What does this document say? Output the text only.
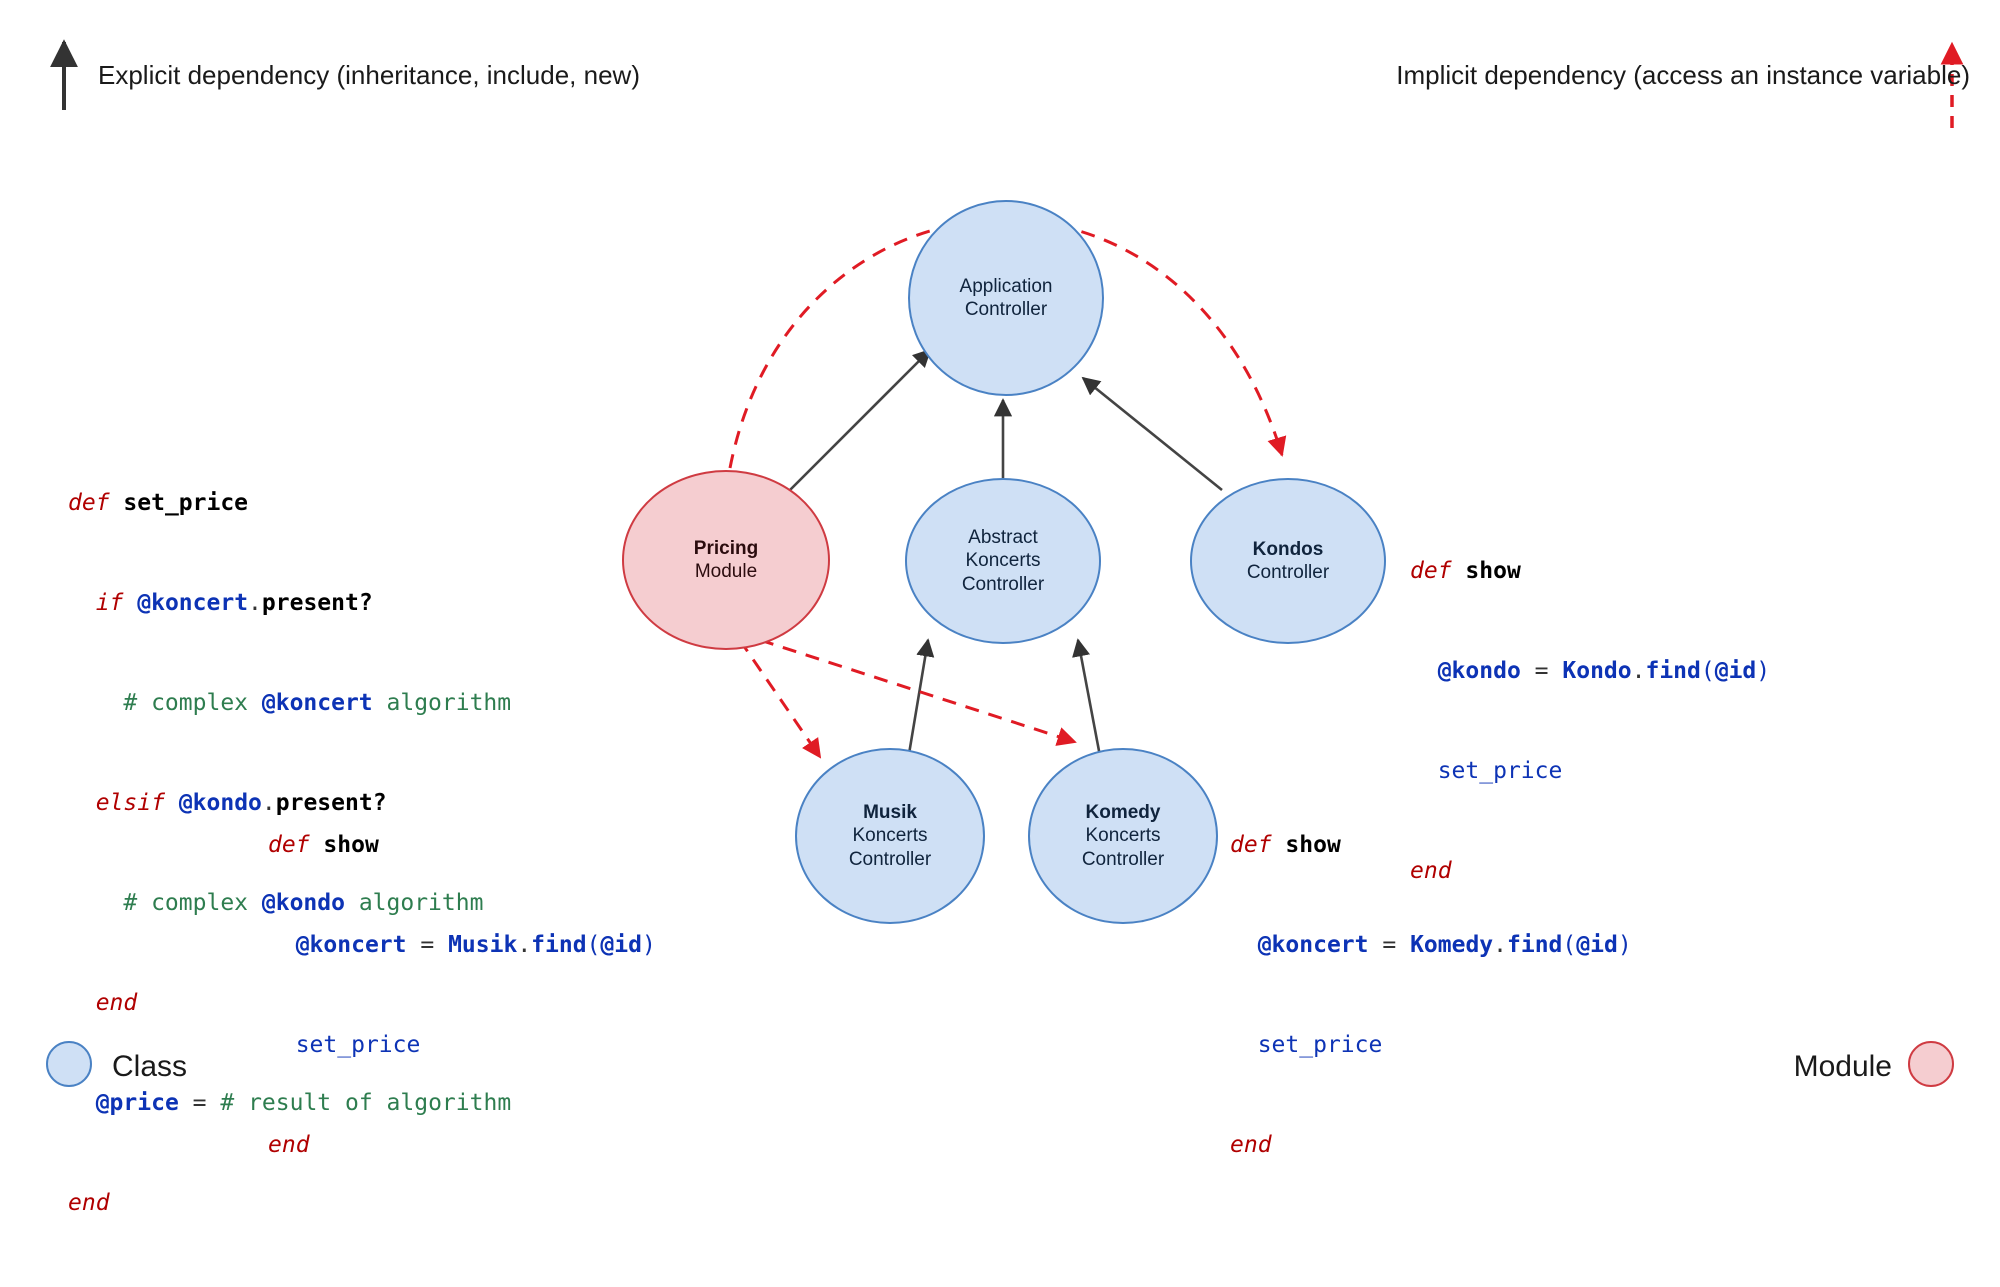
Explicit dependency (inheritance, include, new)	Implicit dependency (access an instance variable)
Class	Module
Application
Controller
Pricing
Module
Abstract
Koncerts
Controller
Kondos
Controller
Musik
Koncerts
Controller
Komedy
Koncerts
Controller

def set_price

if @koncert.present?

# complex @koncert algorithm

elsif @kondo.present?

# complex @kondo algorithm

end

@price = # result of algorithm

end

def show

@kondo = Kondo.find(@id)

set_price

end

def show

@koncert = Musik.find(@id)

set_price

end

def show

@koncert = Komedy.find(@id)

set_price

end
